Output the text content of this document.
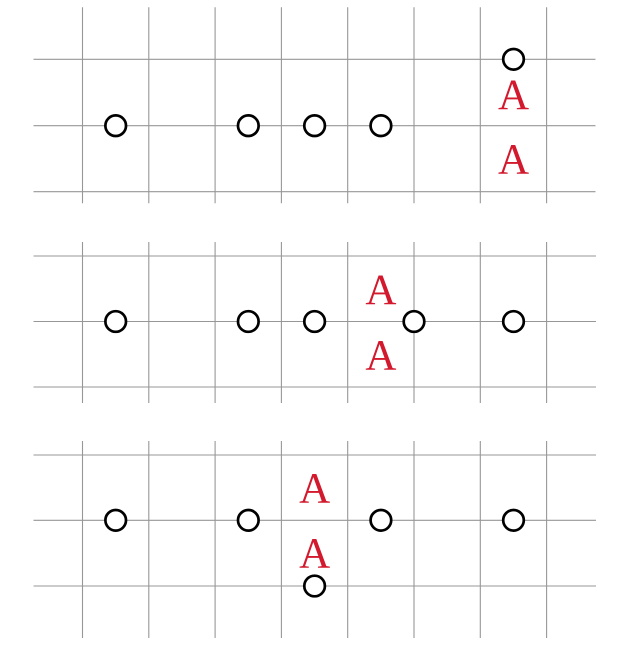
A
A
A
A
A
A
